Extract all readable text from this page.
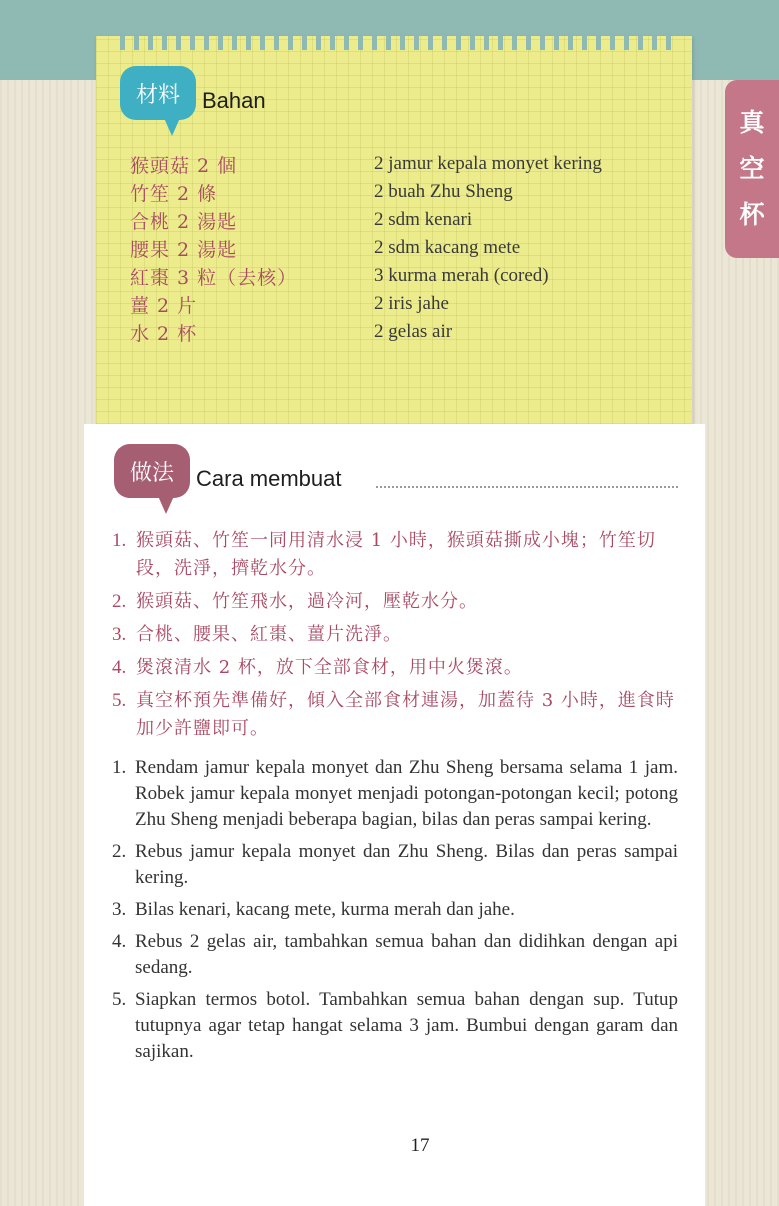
真
空
杯
材料 Bahan
猴頭菇 2 個	2 jamur kepala monyet kering
竹笙 2 條	2 buah Zhu Sheng
合桃 2 湯匙	2 sdm kenari
腰果 2 湯匙	2 sdm kacang mete
紅棗 3 粒（去核）	3 kurma merah (cored)
薑 2 片	2 iris jahe
水 2 杯	2 gelas air
做法 Cara membuat
1. 猴頭菇、竹笙一同用清水浸 1 小時，猴頭菇撕成小塊；竹笙切段，洗淨，擠乾水分。
2. 猴頭菇、竹笙飛水，過冷河，壓乾水分。
3. 合桃、腰果、紅棗、薑片洗淨。
4. 煲滾清水 2 杯，放下全部食材，用中火煲滾。
5. 真空杯預先準備好，傾入全部食材連湯，加蓋待 3 小時，進食時加少許鹽即可。
1. Rendam jamur kepala monyet dan Zhu Sheng bersama selama 1 jam. Robek jamur kepala monyet menjadi potongan-potongan kecil; potong Zhu Sheng menjadi beberapa bagian, bilas dan peras sampai kering.
2. Rebus jamur kepala monyet dan Zhu Sheng. Bilas dan peras sampai kering.
3. Bilas kenari, kacang mete, kurma merah dan jahe.
4. Rebus 2 gelas air, tambahkan semua bahan dan didihkan dengan api sedang.
5. Siapkan termos botol. Tambahkan semua bahan dengan sup. Tutup tutupnya agar tetap hangat selama 3 jam. Bumbui dengan garam dan sajikan.
17
